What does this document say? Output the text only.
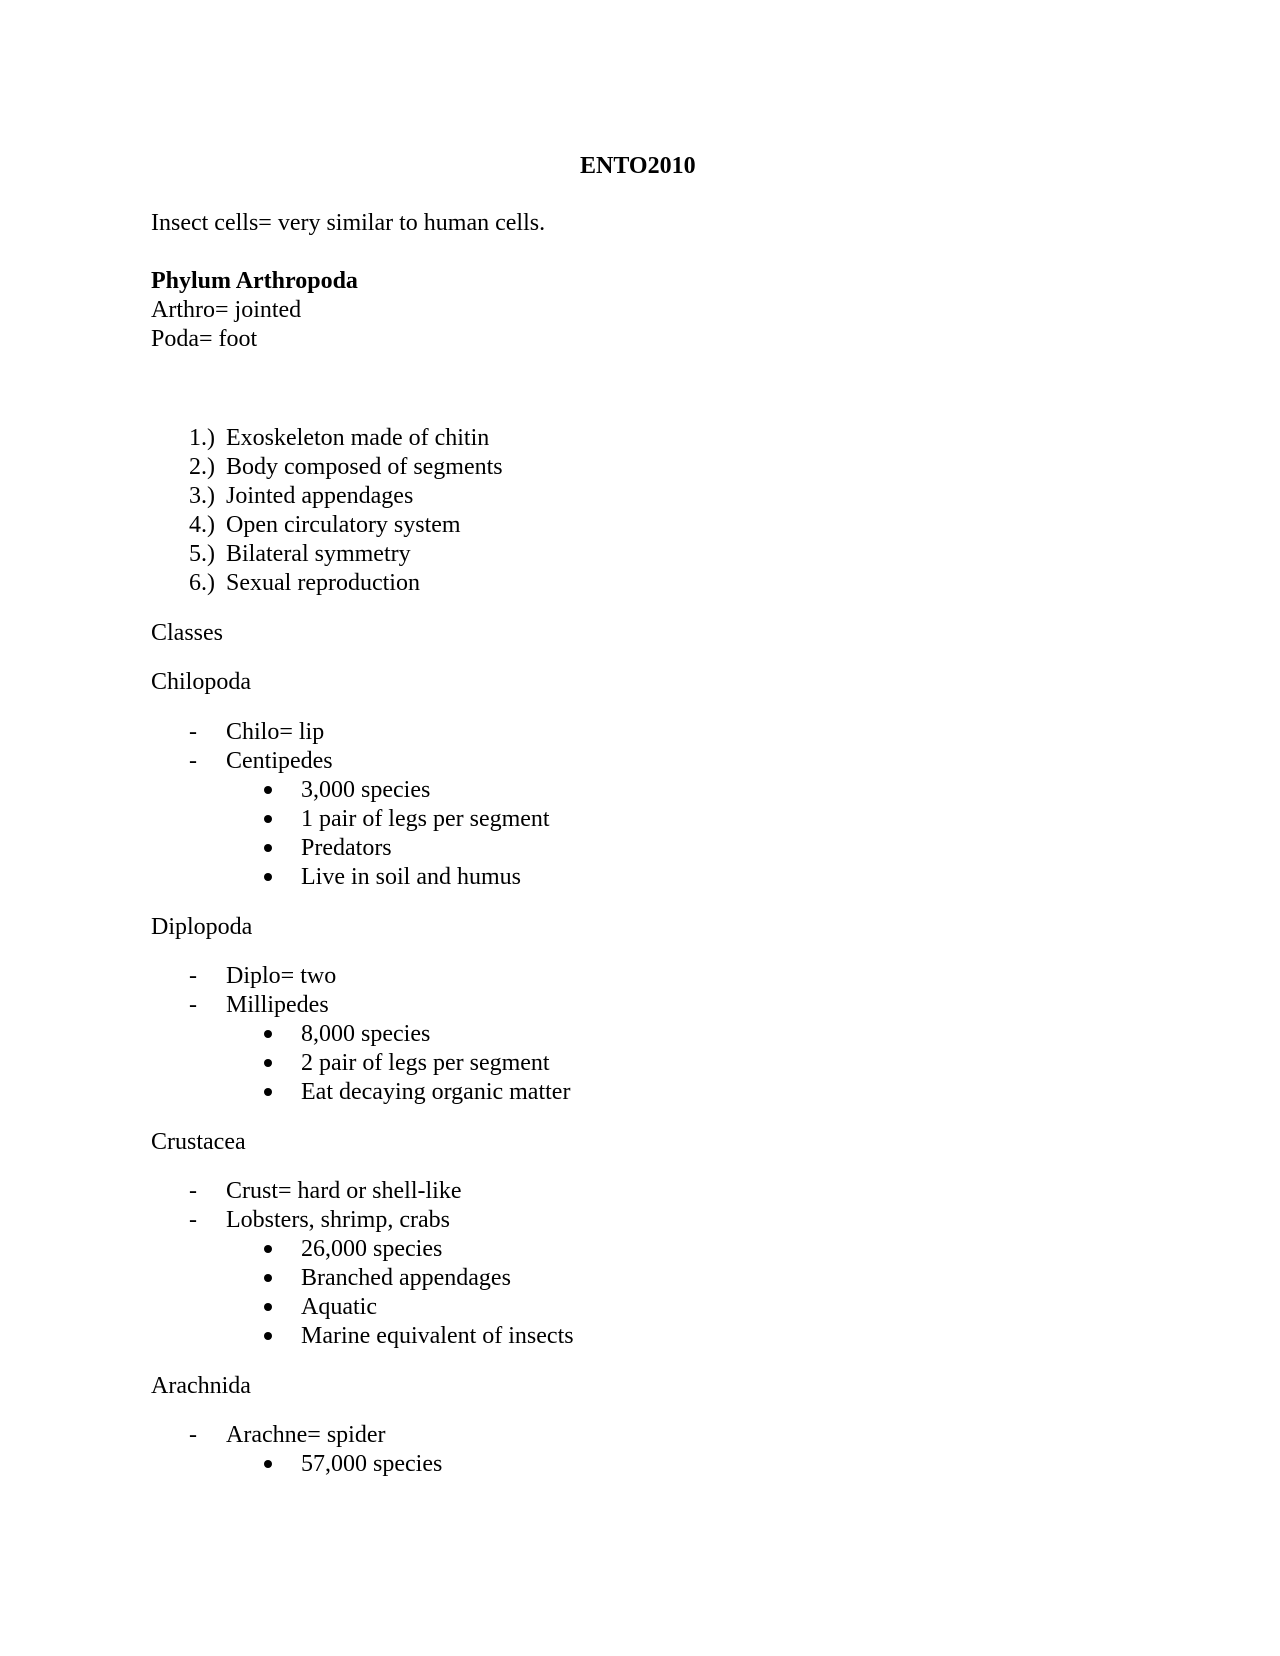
ENTO2010
Insect cells= very similar to human cells.
Phylum Arthropoda
Arthro= jointed
Poda= foot
1.) Exoskeleton made of chitin
2.) Body composed of segments
3.) Jointed appendages
4.) Open circulatory system
5.) Bilateral symmetry
6.) Sexual reproduction
Classes
Chilopoda
- Chilo= lip
- Centipedes
3,000 species
1 pair of legs per segment
Predators
Live in soil and humus
Diplopoda
- Diplo= two
- Millipedes
8,000 species
2 pair of legs per segment
Eat decaying organic matter
Crustacea
- Crust= hard or shell-like
- Lobsters, shrimp, crabs
26,000 species
Branched appendages
Aquatic
Marine equivalent of insects
Arachnida
- Arachne= spider
57,000 species
